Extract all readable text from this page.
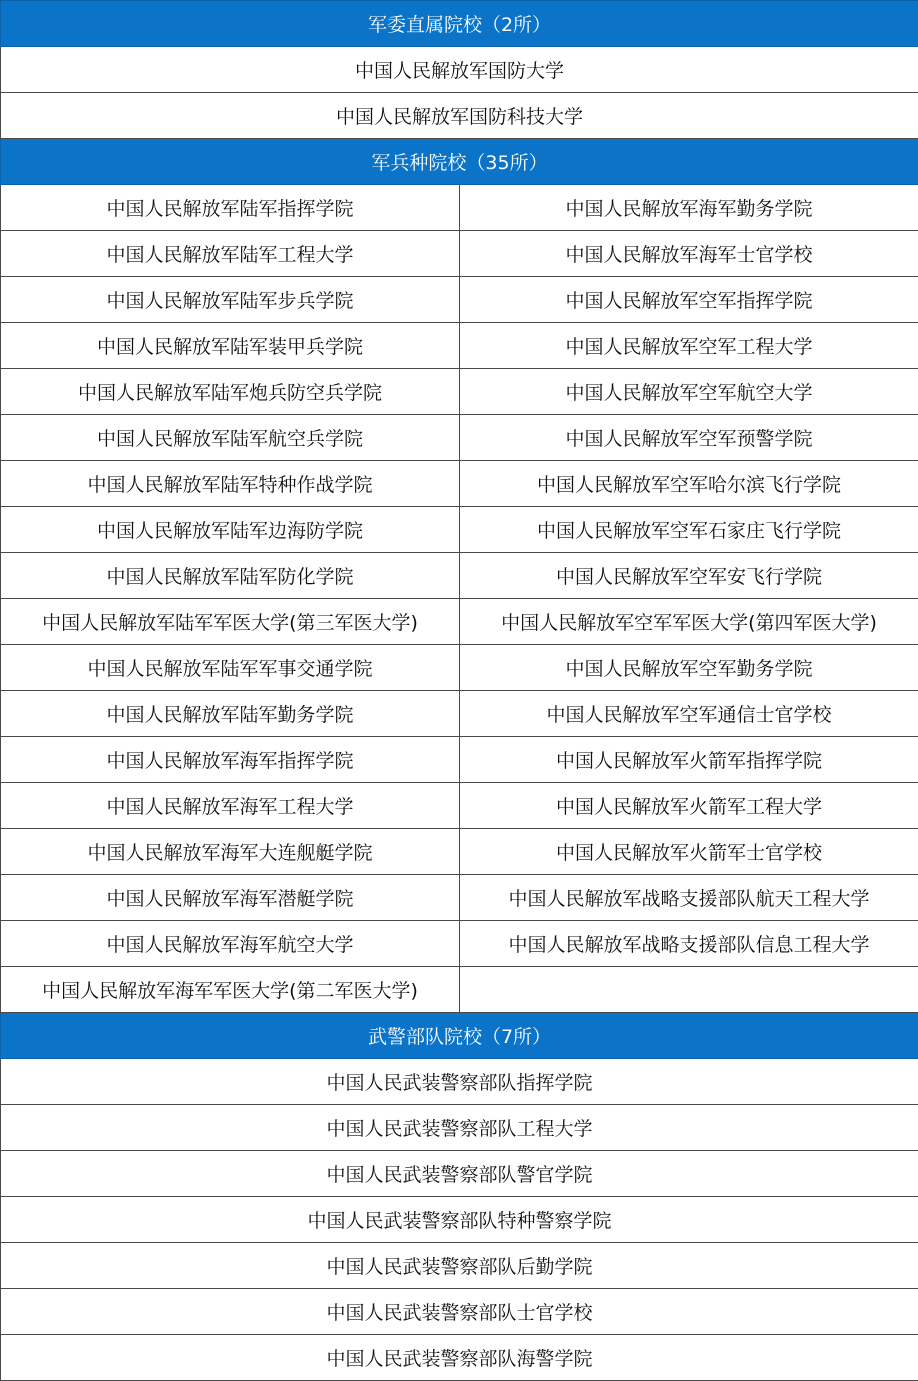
军委直属院校（2所）	
中国人民解放军国防大学	
中国人民解放军国防科技大学	
军兵种院校（35所）	
中国人民解放军陆军指挥学院	中国人民解放军海军勤务学院
中国人民解放军陆军工程大学	中国人民解放军海军士官学校
中国人民解放军陆军步兵学院	中国人民解放军空军指挥学院
中国人民解放军陆军装甲兵学院	中国人民解放军空军工程大学
中国人民解放军陆军炮兵防空兵学院	中国人民解放军空军航空大学
中国人民解放军陆军航空兵学院	中国人民解放军空军预警学院
中国人民解放军陆军特种作战学院	中国人民解放军空军哈尔滨飞行学院
中国人民解放军陆军边海防学院	中国人民解放军空军石家庄飞行学院
中国人民解放军陆军防化学院	中国人民解放军空军安飞行学院
中国人民解放军陆军军医大学(第三军医大学)	中国人民解放军空军军医大学(第四军医大学)
中国人民解放军陆军军事交通学院	中国人民解放军空军勤务学院
中国人民解放军陆军勤务学院	中国人民解放军空军通信士官学校
中国人民解放军海军指挥学院	中国人民解放军火箭军指挥学院
中国人民解放军海军工程大学	中国人民解放军火箭军工程大学
中国人民解放军海军大连舰艇学院	中国人民解放军火箭军士官学校
中国人民解放军海军潜艇学院	中国人民解放军战略支援部队航天工程大学
中国人民解放军海军航空大学	中国人民解放军战略支援部队信息工程大学
中国人民解放军海军军医大学(第二军医大学)	
武警部队院校（7所）	
中国人民武装警察部队指挥学院	
中国人民武装警察部队工程大学	
中国人民武装警察部队警官学院	
中国人民武装警察部队特种警察学院	
中国人民武装警察部队后勤学院	
中国人民武装警察部队士官学校	
中国人民武装警察部队海警学院	
